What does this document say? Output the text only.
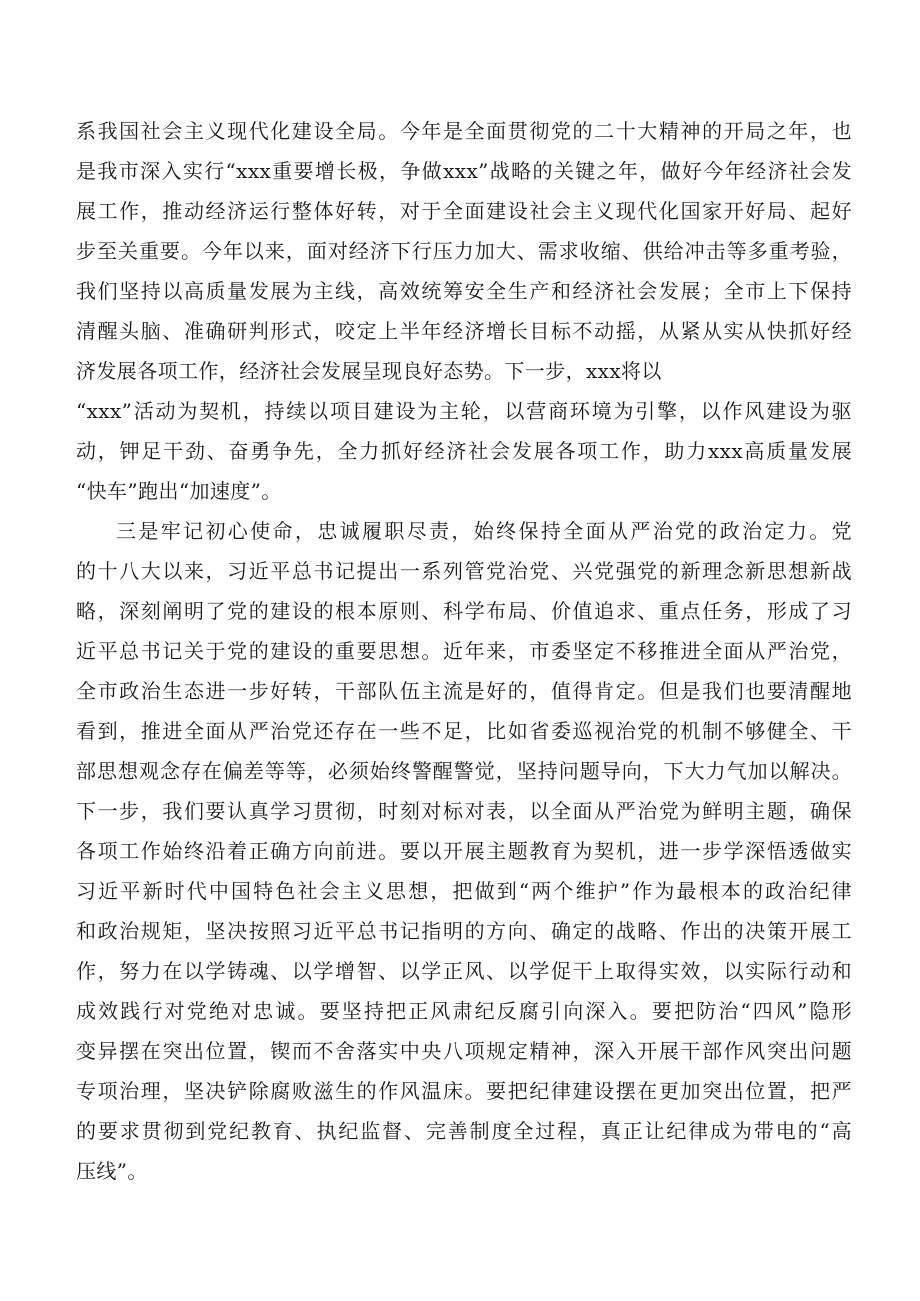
系我国社会主义现代化建设全局。今年是全面贯彻党的二十大精神的开局之年，也

是我市深入实行“xxx重要增长极，争做xxx”战略的关键之年，做好今年经济社会发

展工作，推动经济运行整体好转，对于全面建设社会主义现代化国家开好局、起好

步至关重要。今年以来，面对经济下行压力加大、需求收缩、供给冲击等多重考验，

我们坚持以高质量发展为主线，高效统筹安全生产和经济社会发展；全市上下保持

清醒头脑、准确研判形式，咬定上半年经济增长目标不动摇，从紧从实从快抓好经

济发展各项工作，经济社会发展呈现良好态势。下一步，xxx将以

“xxx”活动为契机，持续以项目建设为主轮，以营商环境为引擎，以作风建设为驱

动，钾足干劲、奋勇争先，全力抓好经济社会发展各项工作，助力xxx高质量发展

“快车”跑出“加速度”。

三是牢记初心使命，忠诚履职尽责，始终保持全面从严治党的政治定力。党

的十八大以来，习近平总书记提出一系列管党治党、兴党强党的新理念新思想新战

略，深刻阐明了党的建设的根本原则、科学布局、价值追求、重点任务，形成了习

近平总书记关于党的建设的重要思想。近年来，市委坚定不移推进全面从严治党，

全市政治生态进一步好转，干部队伍主流是好的，值得肯定。但是我们也要清醒地

看到，推进全面从严治党还存在一些不足，比如省委巡视治党的机制不够健全、干

部思想观念存在偏差等等，必须始终警醒警觉，坚持问题导向，下大力气加以解决。

下一步，我们要认真学习贯彻，时刻对标对表，以全面从严治党为鲜明主题，确保

各项工作始终沿着正确方向前进。要以开展主题教育为契机，进一步学深悟透做实

习近平新时代中国特色社会主义思想，把做到“两个维护”作为最根本的政治纪律

和政治规矩，坚决按照习近平总书记指明的方向、确定的战略、作出的决策开展工

作，努力在以学铸魂、以学增智、以学正风、以学促干上取得实效，以实际行动和

成效践行对党绝对忠诚。要坚持把正风肃纪反腐引向深入。要把防治“四风”隐形

变异摆在突出位置，锲而不舍落实中央八项规定精神，深入开展干部作风突出问题

专项治理，坚决铲除腐败滋生的作风温床。要把纪律建设摆在更加突出位置，把严

的要求贯彻到党纪教育、执纪监督、完善制度全过程，真正让纪律成为带电的“高

压线”。
